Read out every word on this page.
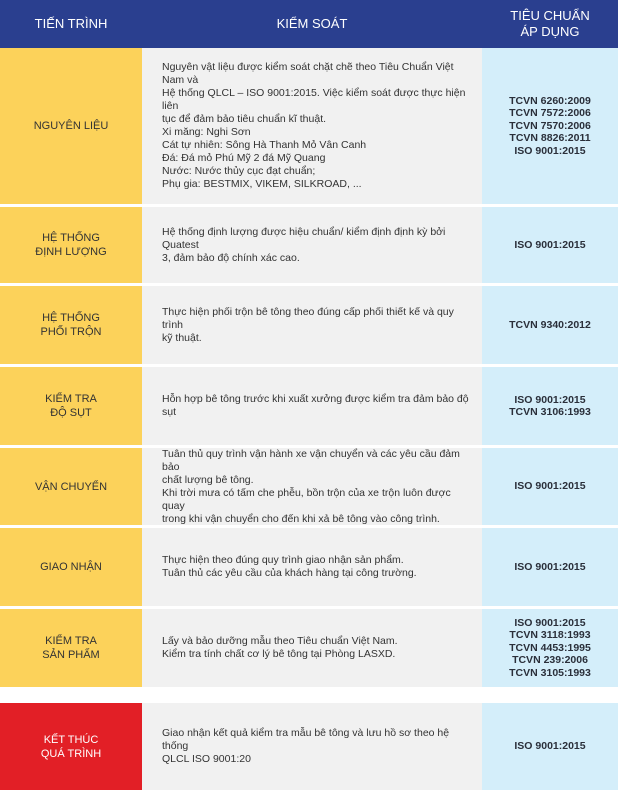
TIẾN TRÌNH	KIỂM SOÁT
TIÊU CHUẨN
ÁP DỤNG
NGUYÊN LIỆU
Nguyên vật liệu được kiểm soát chặt chẽ theo Tiêu Chuẩn Việt Nam và
Hệ thống QLCL – ISO 9001:2015. Việc kiểm soát được thực hiện liên
tục để đảm bảo tiêu chuẩn kĩ thuật.
Xi măng: Nghi Sơn
Cát tự nhiên: Sông Hà Thanh Mỏ Vân Canh
Đá: Đá mỏ Phú Mỹ 2 đá Mỹ Quang
Nước: Nước thủy cục đạt chuẩn;
Phụ gia: BESTMIX, VIKEM, SILKROAD, ...
TCVN 6260:2009
TCVN 7572:2006
TCVN 7570:2006
TCVN 8826:2011
ISO 9001:2015
HỆ THỐNG
ĐỊNH LƯỢNG
Hệ thống định lượng được hiệu chuẩn/ kiểm định định kỳ bởi Quatest
3, đảm bảo độ chính xác cao.
ISO 9001:2015
HỆ THỐNG
PHỐI TRỘN
Thực hiện phối trộn bê tông theo đúng cấp phối thiết kế và quy trình
kỹ thuật.
TCVN 9340:2012
KIỂM TRA
ĐỘ SỤT
Hỗn hợp bê tông trước khi xuất xưởng được kiểm tra đảm bảo độ sụt
ISO 9001:2015
TCVN 3106:1993
VẬN CHUYỂN
Tuân thủ quy trình vận hành xe vận chuyển và các yêu cầu đảm bảo
chất lượng bê tông.
Khi trời mưa có tấm che phễu, bồn trộn của xe trộn luôn được quay
trong khi vận chuyển cho đến khi xả bê tông vào công trình.
ISO 9001:2015
GIAO NHẬN
Thực hiện theo đúng quy trình giao nhận sản phẩm.
Tuân thủ các yêu cầu của khách hàng tại công trường.
ISO 9001:2015
KIỂM TRA
SẢN PHẨM
Lấy và bảo dưỡng mẫu theo Tiêu chuẩn Việt Nam.
Kiểm tra tính chất cơ lý bê tông tại Phòng LASXD.
ISO 9001:2015
TCVN 3118:1993
TCVN 4453:1995
TCVN 239:2006
TCVN 3105:1993
KẾT THÚC
QUÁ TRÌNH
Giao nhận kết quả kiểm tra mẫu bê tông và lưu hồ sơ theo hệ thống
QLCL ISO 9001:20
ISO 9001:2015
